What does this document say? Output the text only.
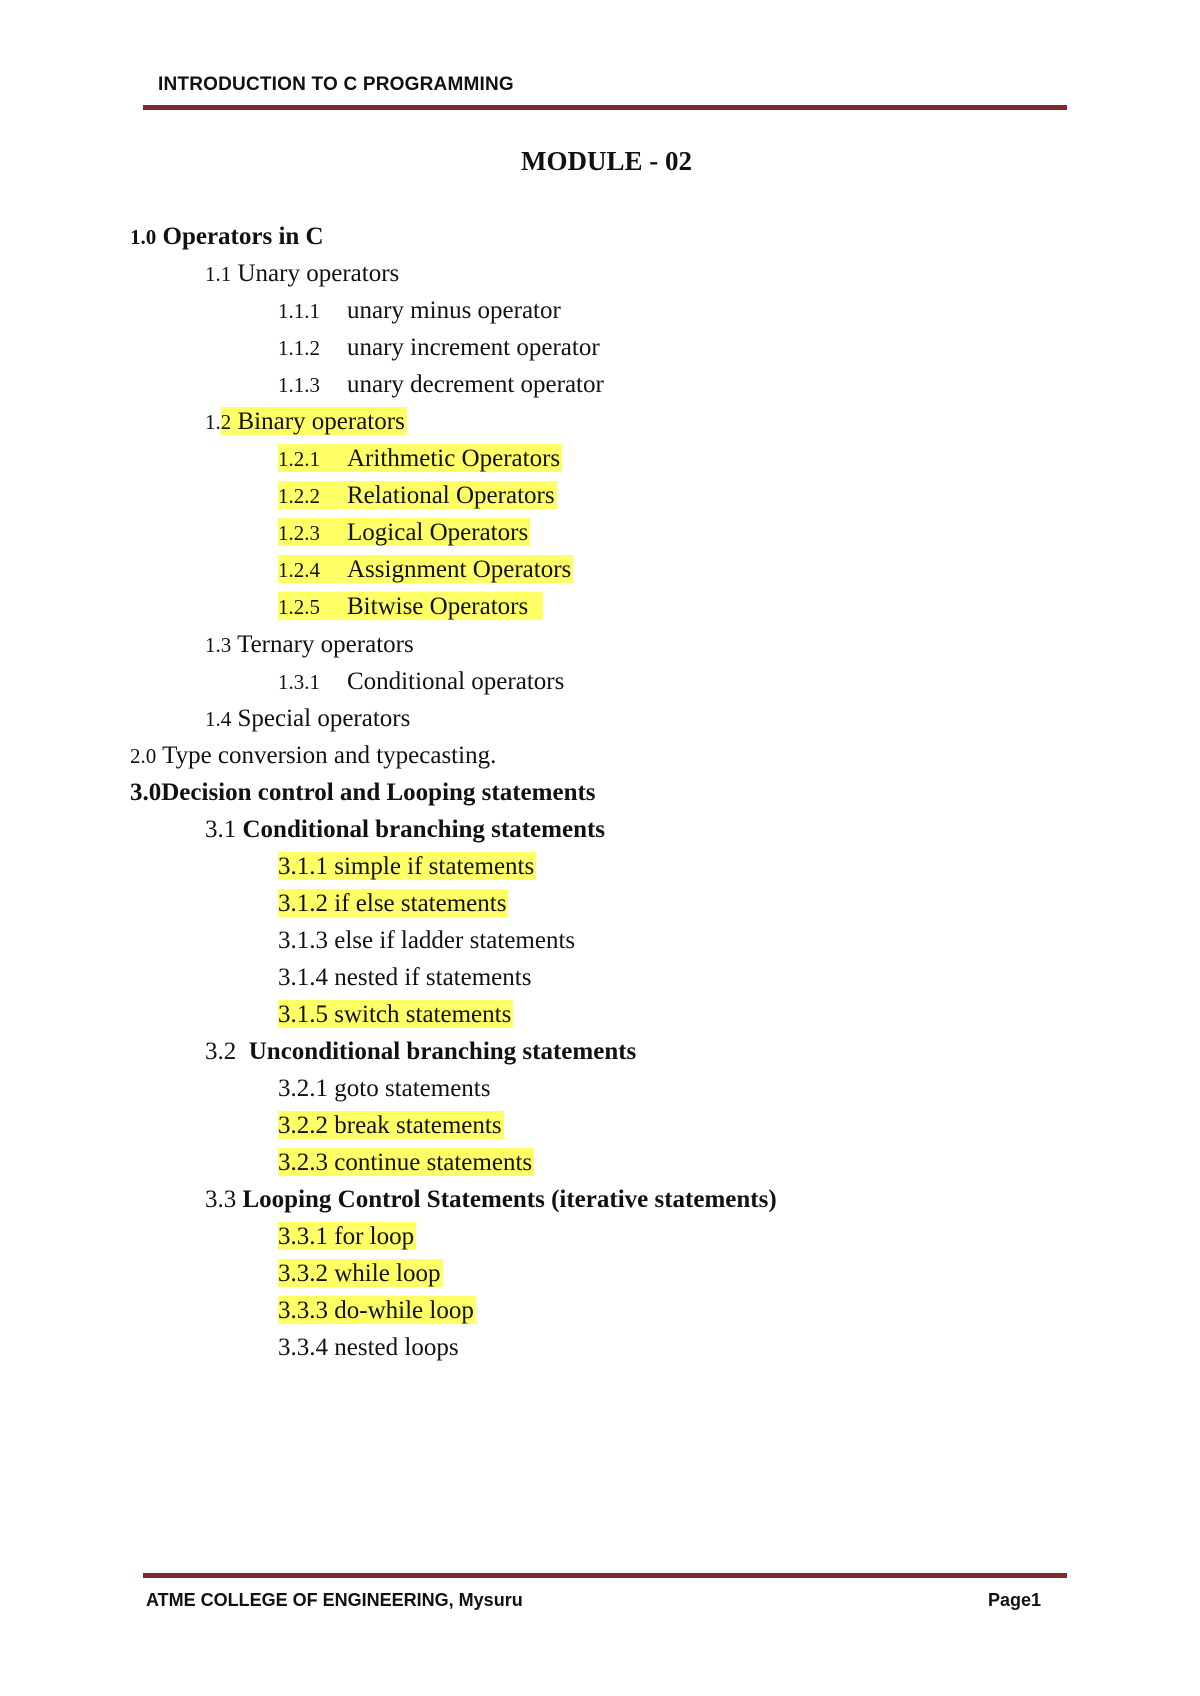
INTRODUCTION TO C PROGRAMMING
MODULE - 02
1.0 Operators in C
1.1 Unary operators
1.1.1 unary minus operator
1.1.2 unary increment operator
1.1.3 unary decrement operator
1.2 Binary operators
1.2.1 Arithmetic Operators
1.2.2 Relational Operators
1.2.3 Logical Operators
1.2.4 Assignment Operators
1.2.5 Bitwise Operators
1.3 Ternary operators
1.3.1 Conditional operators
1.4 Special operators
2.0 Type conversion and typecasting.
3.0Decision control and Looping statements
3.1 Conditional branching statements
3.1.1 simple if statements
3.1.2 if else statements
3.1.3 else if ladder statements
3.1.4 nested if statements
3.1.5 switch statements
3.2 Unconditional branching statements
3.2.1 goto statements
3.2.2 break statements
3.2.3 continue statements
3.3 Looping Control Statements (iterative statements)
3.3.1 for loop
3.3.2 while loop
3.3.3 do-while loop
3.3.4 nested loops
ATME COLLEGE OF ENGINEERING, Mysuru	Page1
